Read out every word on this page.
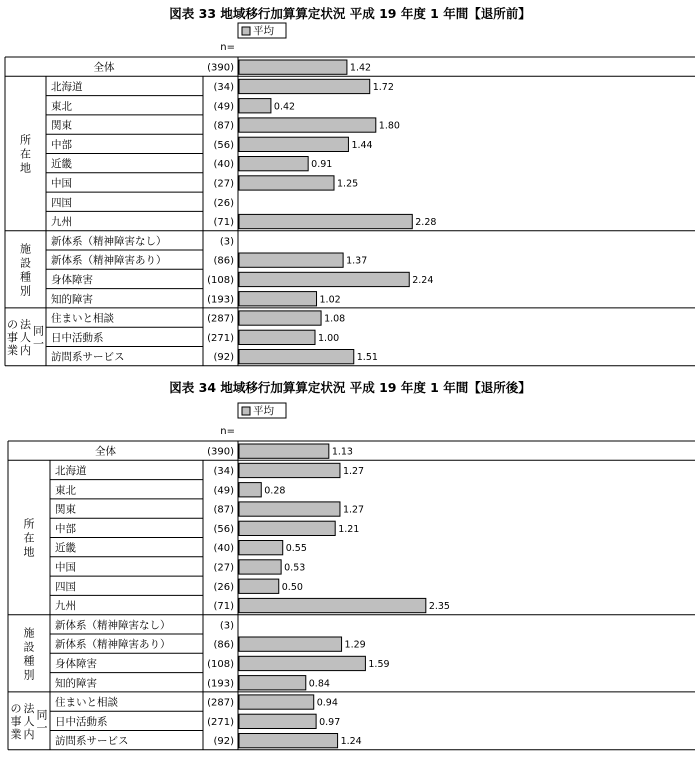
図表 33 地域移行加算算定状況 平成 19 年度 1 年間【退所前】
平均
n=
全体	(390)	1.42
北海道	(34)	1.72
東北	(49)	0.42
関東	(87)	1.80
中部	(56)	1.44
近畿	(40)	0.91
中国	(27)	1.25
四国	(26)
九州	(71)	2.28
新体系（精神障害なし）	(3)
新体系（精神障害あり）	(86)	1.37
身体障害	(108)	2.24
知的障害	(193)	1.02
住まいと相談	(287)	1.08
日中活動系	(271)	1.00
訪問系サービス	(92)	1.51
所
在
地
施
設
種
別
同
一
法
人
内
の
事
業
図表 34 地域移行加算算定状況 平成 19 年度 1 年間【退所後】
平均
n=
全体	(390)	1.13
北海道	(34)	1.27
東北	(49)	0.28
関東	(87)	1.27
中部	(56)	1.21
近畿	(40)	0.55
中国	(27)	0.53
四国	(26)	0.50
九州	(71)	2.35
新体系（精神障害なし）	(3)
新体系（精神障害あり）	(86)	1.29
身体障害	(108)	1.59
知的障害	(193)	0.84
住まいと相談	(287)	0.94
日中活動系	(271)	0.97
訪問系サービス	(92)	1.24
所
在
地
施
設
種
別
同
一
法
人
内
の
事
業
